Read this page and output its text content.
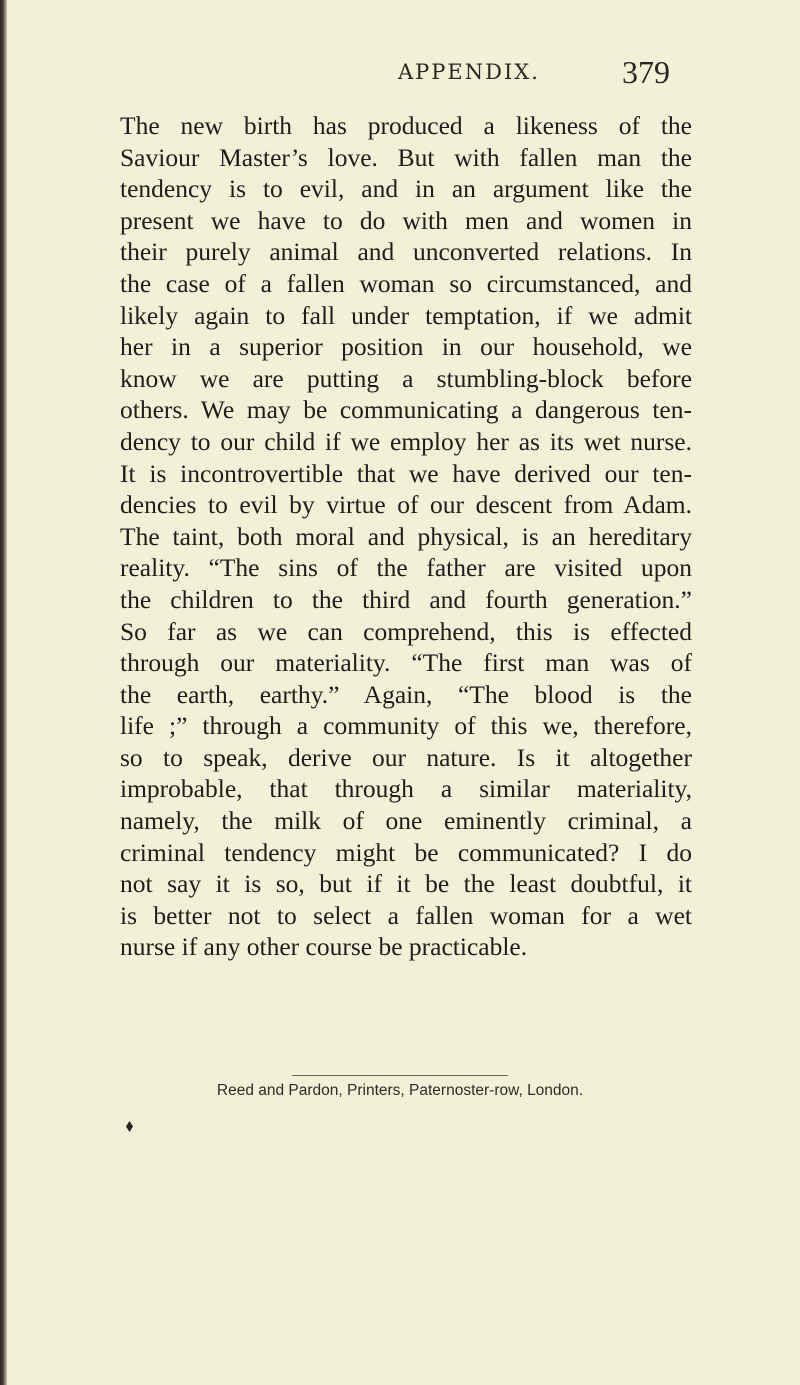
APPENDIX.	379
The new birth has produced a likeness of the
Saviour Master’s love. But with fallen man the
tendency is to evil, and in an argument like the
present we have to do with men and women in
their purely animal and unconverted relations. In
the case of a fallen woman so circumstanced, and
likely again to fall under temptation, if we admit
her in a superior position in our household, we
know we are putting a stumbling-block before
others. We may be communicating a dangerous ten-
dency to our child if we employ her as its wet nurse.
It is incontrovertible that we have derived our ten-
dencies to evil by virtue of our descent from Adam.
The taint, both moral and physical, is an hereditary
reality. “The sins of the father are visited upon
the children to the third and fourth generation.”
So far as we can comprehend, this is effected
through our materiality. “The first man was of
the earth, earthy.” Again, “The blood is the
life ;” through a community of this we, therefore,
so to speak, derive our nature. Is it altogether
improbable, that through a similar materiality,
namely, the milk of one eminently criminal, a
criminal tendency might be communicated? I do
not say it is so, but if it be the least doubtful, it
is better not to select a fallen woman for a wet
nurse if any other course be practicable.
Reed and Pardon, Printers, Paternoster-row, London.
